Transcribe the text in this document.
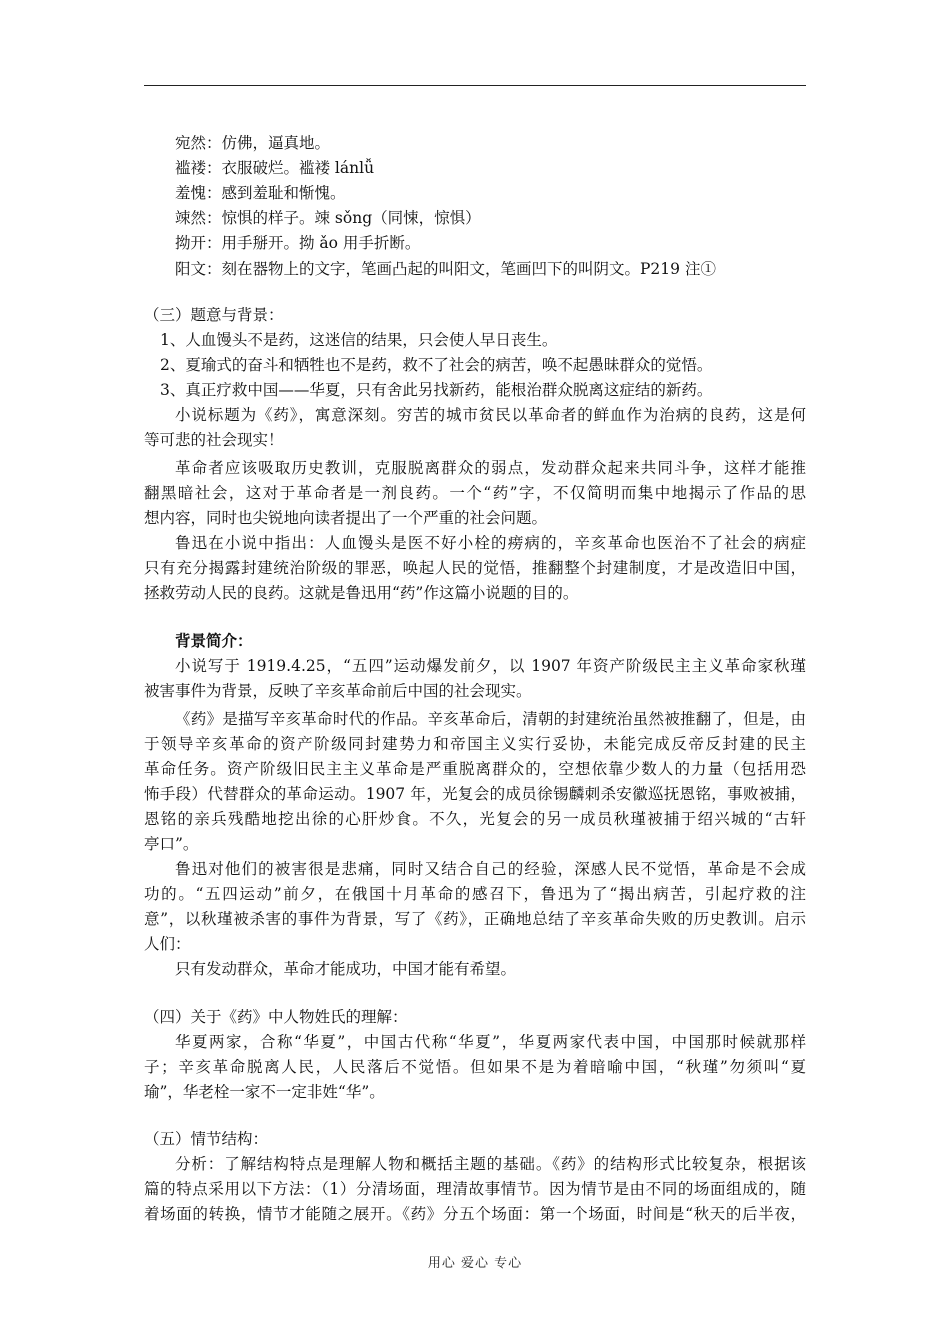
宛然：仿佛，逼真地。
褴褛：衣服破烂。褴褛 lánlǚ
羞愧：感到羞耻和惭愧。
竦然：惊惧的样子。竦 sǒng（同悚，惊惧）
拗开：用手掰开。拗 ǎo 用手折断。
阳文：刻在器物上的文字，笔画凸起的叫阳文，笔画凹下的叫阴文。P219 注①
（三）题意与背景：
1、人血馒头不是药，这迷信的结果，只会使人早日丧生。
2、夏瑜式的奋斗和牺牲也不是药，救不了社会的病苦，唤不起愚昧群众的觉悟。
3、真正疗救中国——华夏，只有舍此另找新药，能根治群众脱离这症结的新药。
小说标题为《药》，寓意深刻。穷苦的城市贫民以革命者的鲜血作为治病的良药，这是何
等可悲的社会现实！
革命者应该吸取历史教训，克服脱离群众的弱点，发动群众起来共同斗争，这样才能推
翻黑暗社会，这对于革命者是一剂良药。一个“药”字，不仅简明而集中地揭示了作品的思
想内容，同时也尖锐地向读者提出了一个严重的社会问题。
鲁迅在小说中指出：人血馒头是医不好小栓的痨病的，辛亥革命也医治不了社会的病症
只有充分揭露封建统治阶级的罪恶，唤起人民的觉悟，推翻整个封建制度，才是改造旧中国，
拯救劳动人民的良药。这就是鲁迅用“药”作这篇小说题的目的。
背景简介：
小说写于 1919.4.25，“五四”运动爆发前夕，以 1907 年资产阶级民主主义革命家秋瑾
被害事件为背景，反映了辛亥革命前后中国的社会现实。
《药》是描写辛亥革命时代的作品。辛亥革命后，清朝的封建统治虽然被推翻了，但是，由
于领导辛亥革命的资产阶级同封建势力和帝国主义实行妥协，未能完成反帝反封建的民主
革命任务。资产阶级旧民主主义革命是严重脱离群众的，空想依靠少数人的力量（包括用恐
怖手段）代替群众的革命运动。1907 年，光复会的成员徐锡麟刺杀安徽巡抚恩铭，事败被捕，
恩铭的亲兵残酷地挖出徐的心肝炒食。不久，光复会的另一成员秋瑾被捕于绍兴城的“古轩
亭口”。
鲁迅对他们的被害很是悲痛，同时又结合自己的经验，深感人民不觉悟，革命是不会成
功的。“五四运动”前夕，在俄国十月革命的感召下，鲁迅为了“揭出病苦，引起疗救的注
意”，以秋瑾被杀害的事件为背景，写了《药》，正确地总结了辛亥革命失败的历史教训。启示
人们：
只有发动群众，革命才能成功，中国才能有希望。
（四）关于《药》中人物姓氏的理解：
华夏两家，合称“华夏”，中国古代称“华夏”，华夏两家代表中国，中国那时候就那样
子；辛亥革命脱离人民，人民落后不觉悟。但如果不是为着暗喻中国，“秋瑾”勿须叫“夏
瑜”，华老栓一家不一定非姓“华”。
（五）情节结构：
分析：了解结构特点是理解人物和概括主题的基础。《药》的结构形式比较复杂，根据该
篇的特点采用以下方法：（1）分清场面，理清故事情节。因为情节是由不同的场面组成的，随
着场面的转换，情节才能随之展开。《药》分五个场面：第一个场面，时间是“秋天的后半夜，
用心 爱心 专心
